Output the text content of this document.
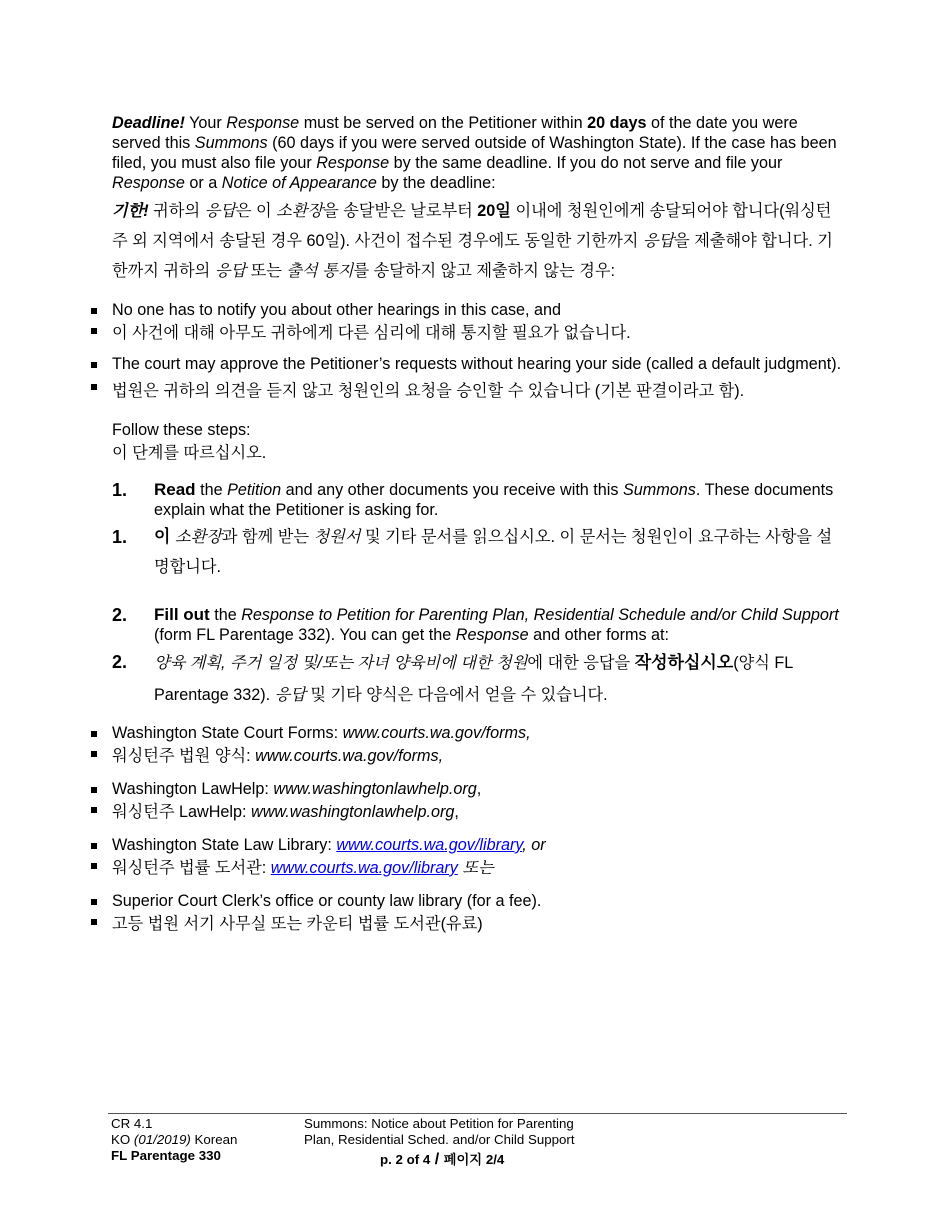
Deadline! Your Response must be served on the Petitioner within 20 days of the date you were served this Summons (60 days if you were served outside of Washington State). If the case has been filed, you must also file your Response by the same deadline. If you do not serve and file your Response or a Notice of Appearance by the deadline:

기한! 귀하의 응답은 이 소환장을 송달받은 날로부터 20일 이내에 청원인에게 송달되어야 합니다(워싱턴주 외 지역에서 송달된 경우 60일). 사건이 접수된 경우에도 동일한 기한까지 응답을 제출해야 합니다. 기한까지 귀하의 응답 또는 출석 통지를 송달하지 않고 제출하지 않는 경우:

No one has to notify you about other hearings in this case, and
이 사건에 대해 아무도 귀하에게 다른 심리에 대해 통지할 필요가 없습니다.
The court may approve the Petitioner’s requests without hearing your side (called a default judgment).
법원은 귀하의 의견을 듣지 않고 청원인의 요청을 승인할 수 있습니다 (기본 판결이라고 함).

Follow these steps:

이 단계를 따르십시오.

1. Read the Petition and any other documents you receive with this Summons. These documents explain what the Petitioner is asking for.

1. 이 소환장과 함께 받는 청원서 및 기타 문서를 읽으십시오. 이 문서는 청원인이 요구하는 사항을 설명합니다.

2. Fill out the Response to Petition for Parenting Plan, Residential Schedule and/or Child Support (form FL Parentage 332). You can get the Response and other forms at:

2. 양육 계획, 주거 일정 및/또는 자녀 양육비에 대한 청원에 대한 응답을 작성하십시오(양식 FL Parentage 332). 응답 및 기타 양식은 다음에서 얻을 수 있습니다.

Washington State Court Forms: www.courts.wa.gov/forms,
워싱턴주 법원 양식: www.courts.wa.gov/forms,
Washington LawHelp: www.washingtonlawhelp.org,
워싱턴주 LawHelp: www.washingtonlawhelp.org,
Washington State Law Library: www.courts.wa.gov/library, or
워싱턴주 법률 도서관: www.courts.wa.gov/library 또는
Superior Court Clerk’s office or county law library (for a fee).
고등 법원 서기 사무실 또는 카운티 법률 도서관(유료)
CR 4.1
KO (01/2019) Korean
FL Parentage 330
Summons: Notice about Petition for Parenting
Plan, Residential Sched. and/or Child Support
p. 2 of 4 / 페이지 2/4
